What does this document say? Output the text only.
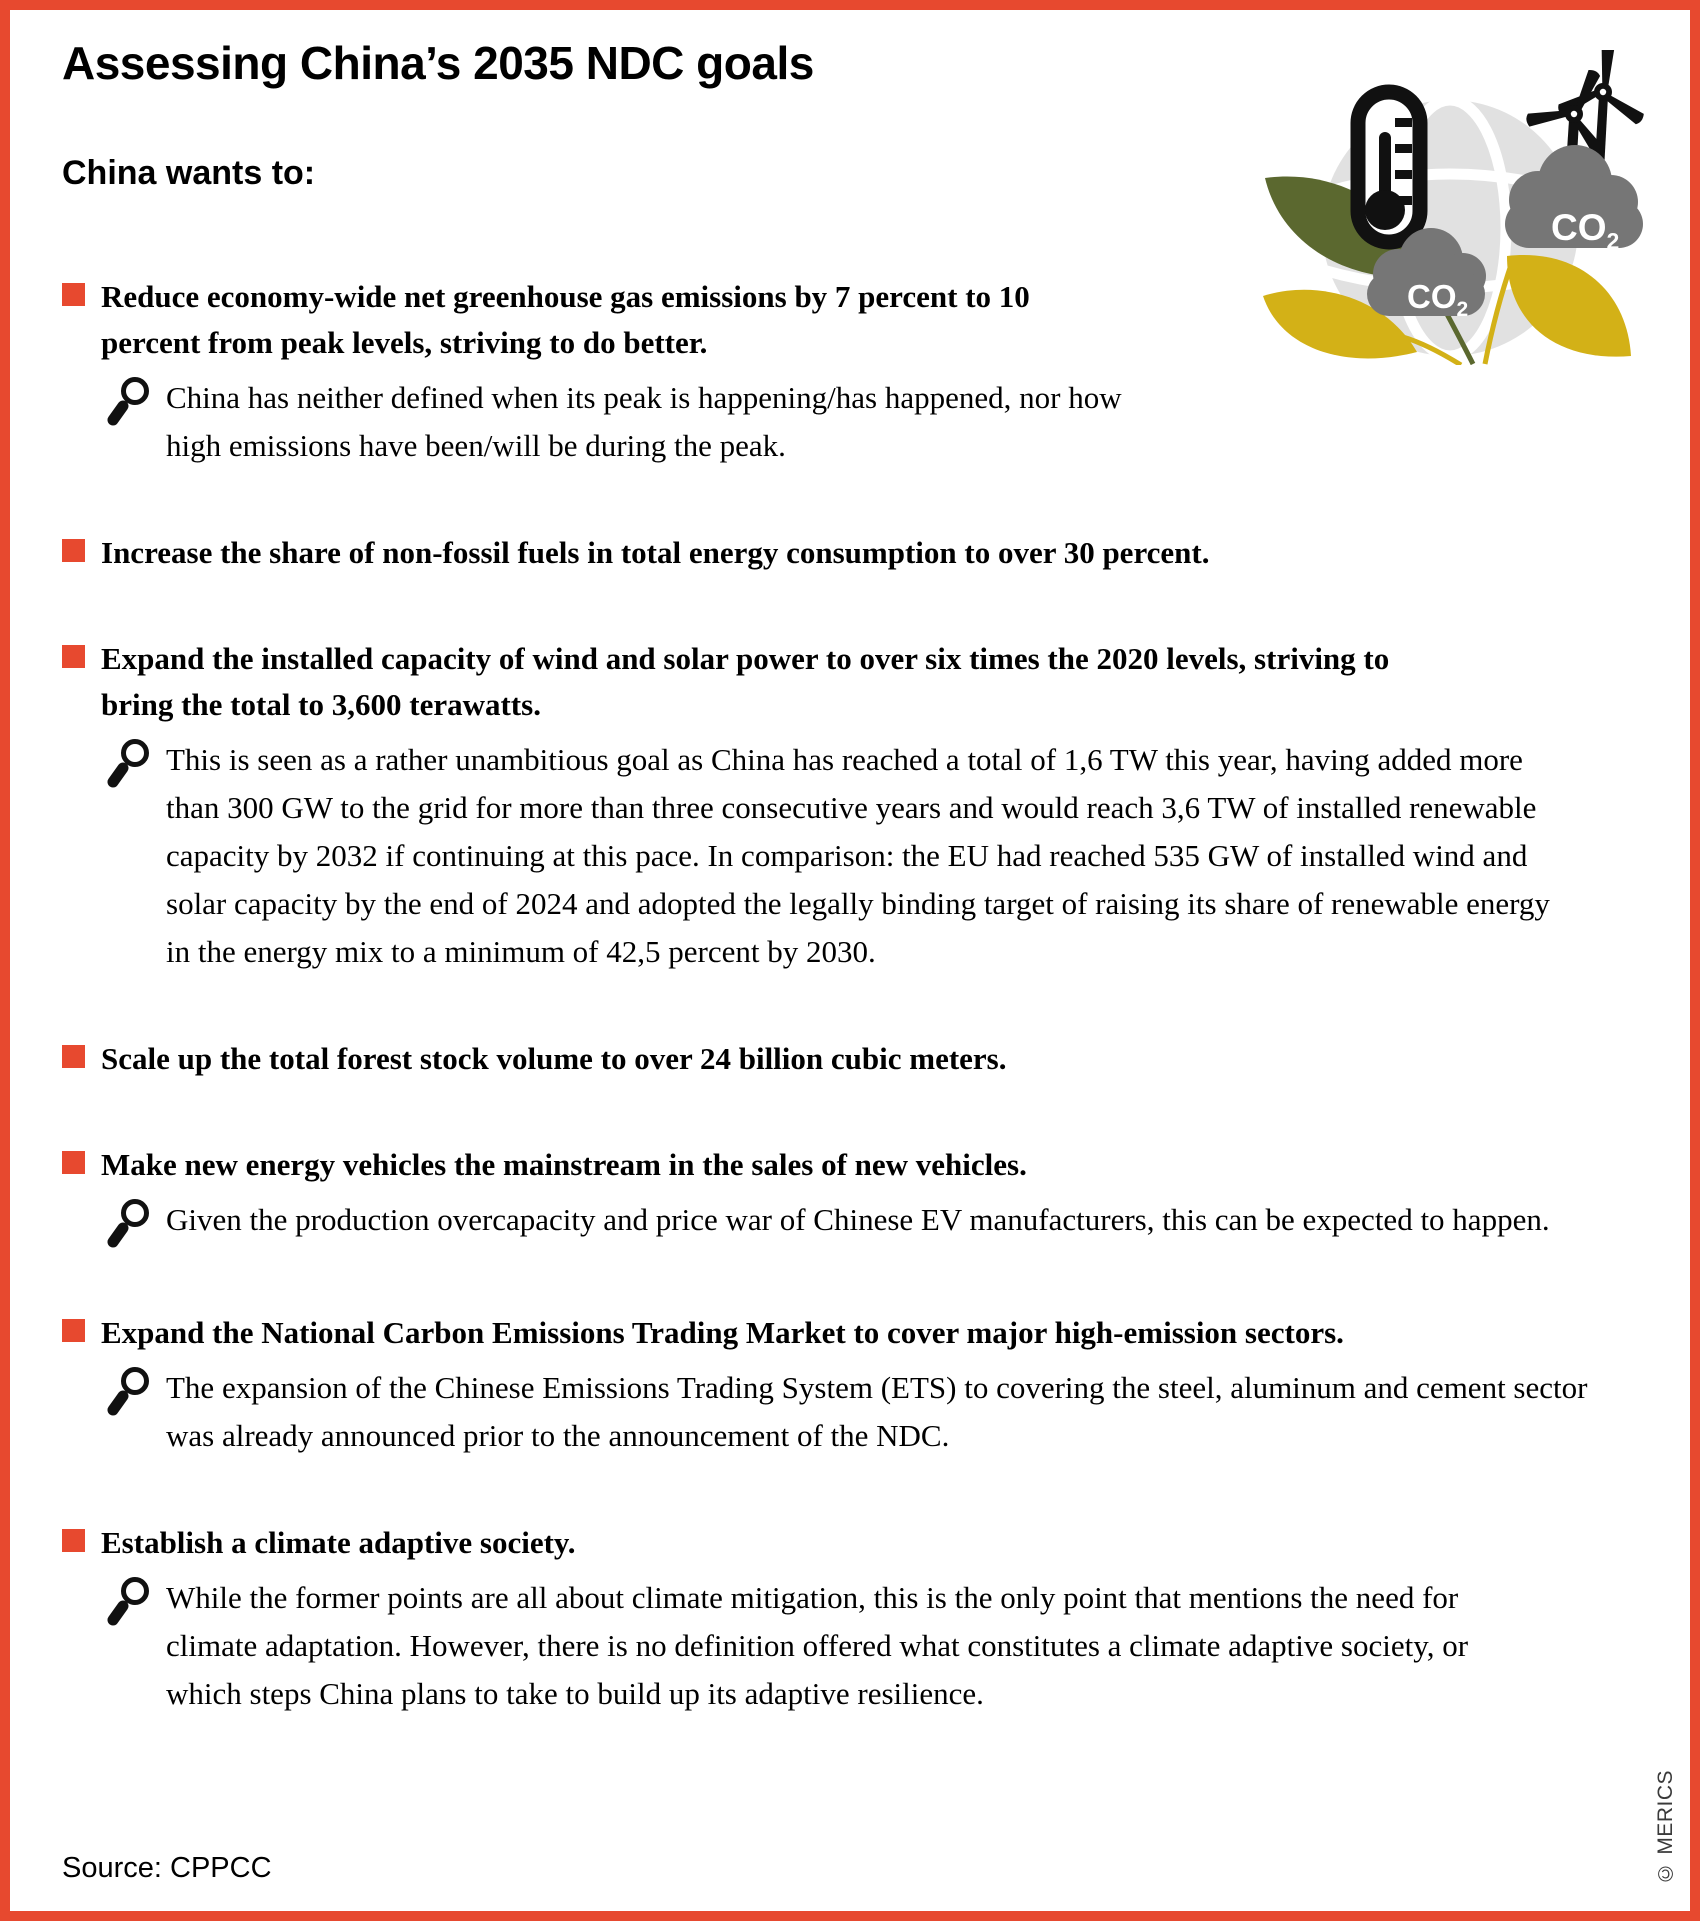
$CO_2$
$CO_2$
Assessing China’s 2035 NDC goals

China wants to:

Reduce economy-wide net greenhouse gas emissions by 7 percent to 10 percent from peak levels, striving to do better.

China has neither defined when its peak is happening/has happened, nor how high emissions have been/will be during the peak.

Increase the share of non-fossil fuels in total energy consumption to over 30 percent.

Expand the installed capacity of wind and solar power to over six times the 2020 levels, striving to bring the total to 3,600 terawatts.

This is seen as a rather unambitious goal as China has reached a total of 1,6 TW this year, having added more than 300 GW to the grid for more than three consecutive years and would reach 3,6 TW of installed renewable capacity by 2032 if continuing at this pace. In comparison: the EU had reached 535 GW of installed wind and solar capacity by the end of 2024 and adopted the legally binding target of raising its share of renewable energy in the energy mix to a minimum of 42,5 percent by 2030.

Scale up the total forest stock volume to over 24 billion cubic meters.

Make new energy vehicles the mainstream in the sales of new vehicles.

Given the production overcapacity and price war of Chinese EV manufacturers, this can be expected to happen.

Expand the National Carbon Emissions Trading Market to cover major high-emission sectors.

The expansion of the Chinese Emissions Trading System (ETS) to covering the steel, aluminum and cement sector was already announced prior to the announcement of the NDC.

Establish a climate adaptive society.

While the former points are all about climate mitigation, this is the only point that mentions the need for climate adaptation. However, there is no definition offered what constitutes a climate adaptive society, or which steps China plans to take to build up its adaptive resilience.

Source: CPPCC	© MERICS
